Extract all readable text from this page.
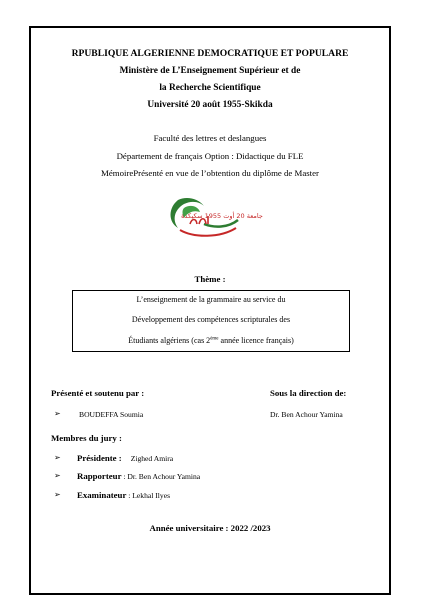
RPUBLIQUE ALGERIENNE DEMOCRATIQUE ET POPULARE
Ministère de L’Enseignement Supérieur et de
la Recherche Scientifique
Université 20 août 1955-Skikda
Faculté des lettres et deslangues
Département de français Option : Didactique du FLE
MémoirePrésenté en vue de l’obtention du diplôme de Master
جامعة 20 أوت 1955 سكيكدة
Thème :
L’enseignement de la grammaire au service du
Développement des compétences scripturales des
Étudiants algériens (cas 2ème année licence français)
Présenté et soutenu par :	Sous la direction de:
➢ BOUDEFFA Soumia	Dr. Ben Achour Yamina
Membres du jury :
➢ Présidente : Zighed Amira
➢ Rapporteur : Dr. Ben Achour Yamina
➢ Examinateur : Lekhal Ilyes
Année universitaire : 2022 /2023
